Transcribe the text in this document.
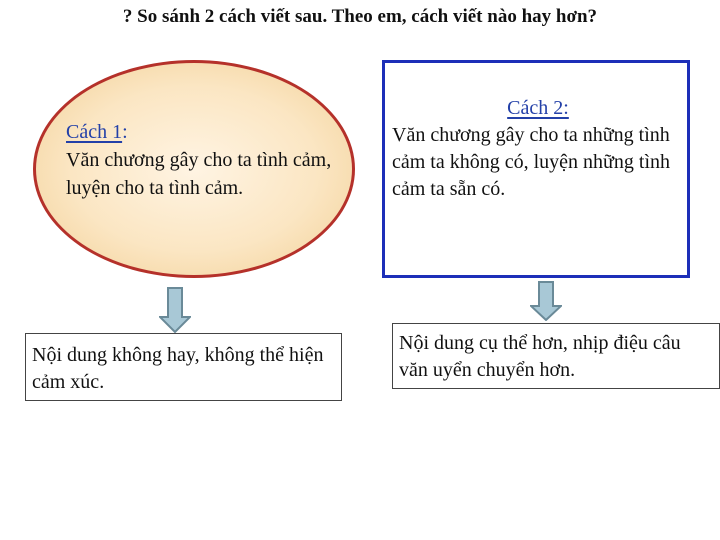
? So sánh 2 cách viết sau. Theo em, cách viết nào hay hơn?
Cách 1:
Văn chương gây cho ta tình cảm, luyện cho ta tình cảm.
Cách 2:
Văn chương gây cho ta những tình cảm ta không có, luyện những tình cảm ta sẵn có.
Nội dung không hay, không thể hiện cảm xúc.
Nội dung cụ thể hơn, nhịp điệu câu văn uyển chuyển hơn.
